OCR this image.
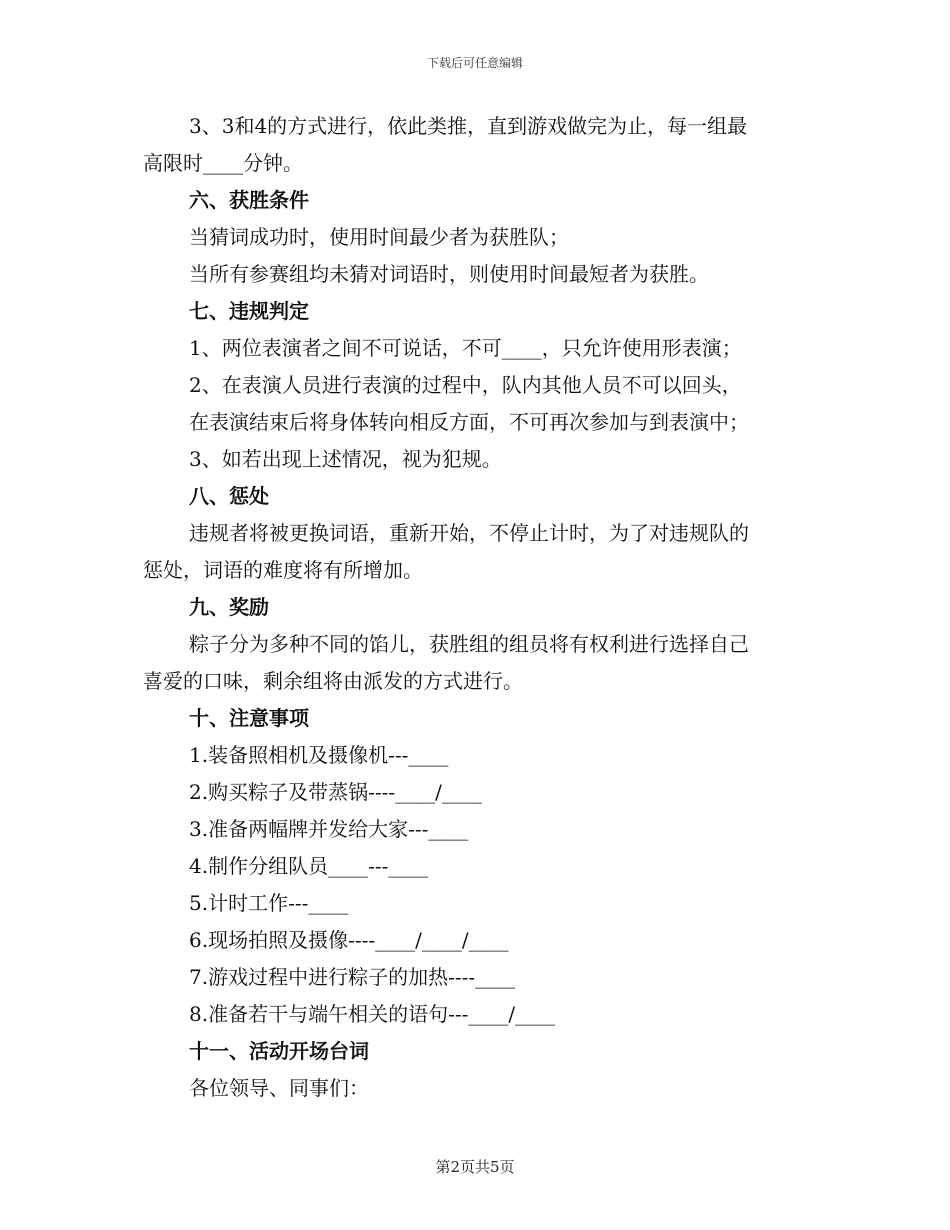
下载后可任意编辑
3、3和4的方式进行，依此类推，直到游戏做完为止，每一组最
高限时____分钟。
六、获胜条件
当猜词成功时，使用时间最少者为获胜队；
当所有参赛组均未猜对词语时，则使用时间最短者为获胜。
七、违规判定
1、两位表演者之间不可说话，不可____，只允许使用形表演；
2、在表演人员进行表演的过程中，队内其他人员不可以回头，
在表演结束后将身体转向相反方面，不可再次参加与到表演中；
3、如若出现上述情况，视为犯规。
八、惩处
违规者将被更换词语，重新开始，不停止计时，为了对违规队的
惩处，词语的难度将有所增加。
九、奖励
粽子分为多种不同的馅儿，获胜组的组员将有权利进行选择自己
喜爱的口味，剩余组将由派发的方式进行。
十、注意事项
1.装备照相机及摄像机---____
2.购买粽子及带蒸锅----____/____
3.准备两幅牌并发给大家---____
4.制作分组队员____---____
5.计时工作---____
6.现场拍照及摄像----____/____/____
7.游戏过程中进行粽子的加热----____
8.准备若干与端午相关的语句---____/____
十一、活动开场台词
各位领导、同事们：
第2页共5页
